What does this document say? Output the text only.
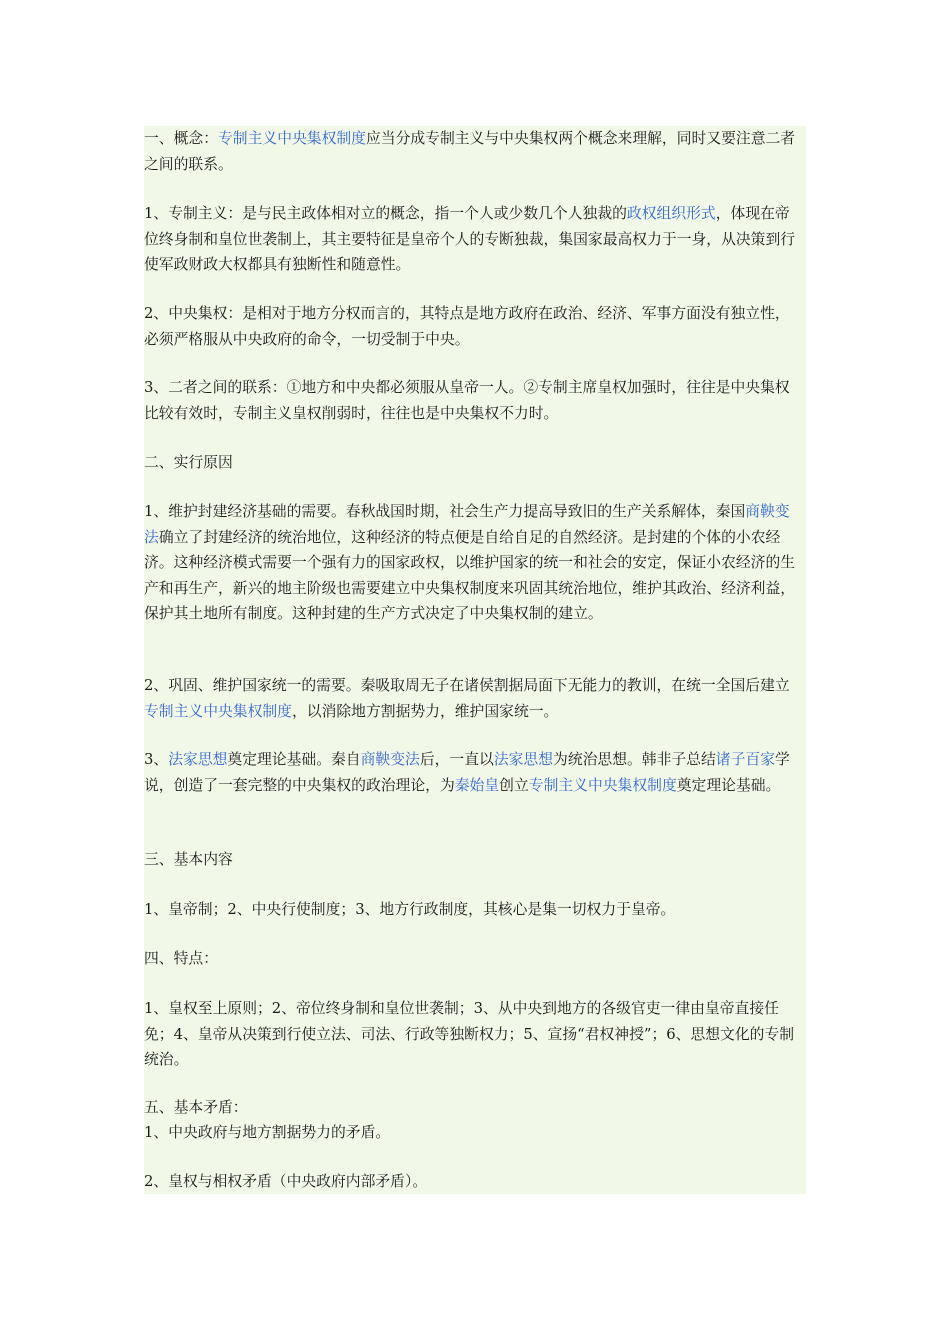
一、概念：专制主义中央集权制度应当分成专制主义与中央集权两个概念来理解，同时又要注意二者之间的联系。
1、专制主义：是与民主政体相对立的概念，指一个人或少数几个人独裁的政权组织形式，体现在帝位终身制和皇位世袭制上，其主要特征是皇帝个人的专断独裁，集国家最高权力于一身，从决策到行使军政财政大权都具有独断性和随意性。
2、中央集权：是相对于地方分权而言的，其特点是地方政府在政治、经济、军事方面没有独立性，必须严格服从中央政府的命令，一切受制于中央。
3、二者之间的联系：①地方和中央都必须服从皇帝一人。②专制主席皇权加强时，往往是中央集权比较有效时，专制主义皇权削弱时，往往也是中央集权不力时。
二、实行原因
1、维护封建经济基础的需要。春秋战国时期，社会生产力提高导致旧的生产关系解体，秦国商鞅变法确立了封建经济的统治地位，这种经济的特点便是自给自足的自然经济。是封建的个体的小农经济。这种经济模式需要一个强有力的国家政权，以维护国家的统一和社会的安定，保证小农经济的生产和再生产，新兴的地主阶级也需要建立中央集权制度来巩固其统治地位，维护其政治、经济利益，保护其土地所有制度。这种封建的生产方式决定了中央集权制的建立。
2、巩固、维护国家统一的需要。秦吸取周无子在诸侯割据局面下无能力的教训，在统一全国后建立专制主义中央集权制度，以消除地方割据势力，维护国家统一。
3、法家思想奠定理论基础。秦自商鞅变法后，一直以法家思想为统治思想。韩非子总结诸子百家学说，创造了一套完整的中央集权的政治理论，为秦始皇创立专制主义中央集权制度奠定理论基础。
三、基本内容
1、皇帝制；2、中央行使制度；3、地方行政制度，其核心是集一切权力于皇帝。
四、特点：
1、皇权至上原则；2、帝位终身制和皇位世袭制；3、从中央到地方的各级官吏一律由皇帝直接任免；4、皇帝从决策到行使立法、司法、行政等独断权力；5、宣扬“君权神授”；6、思想文化的专制统治。
五、基本矛盾：
1、中央政府与地方割据势力的矛盾。
2、皇权与相权矛盾（中央政府内部矛盾）。
